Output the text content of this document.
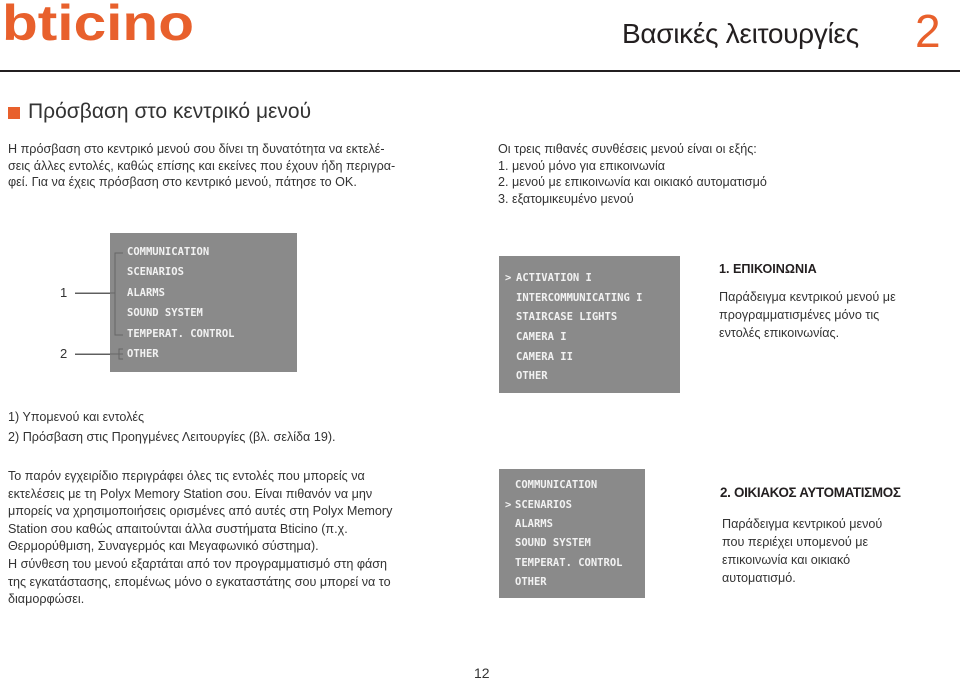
bticino	Βασικές λειτουργίες 2
Πρόσβαση στο κεντρικό μενού

Η πρόσβαση στο κεντρικό μενού σου δίνει τη δυνατότητα να εκτελέ-

σεις άλλες εντολές, καθώς επίσης και εκείνες που έχουν ήδη περιγρα-

φεί. Για να έχεις πρόσβαση στο κεντρικό μενού, πάτησε το ΟΚ.

Οι τρεις πιθανές συνθέσεις μενού είναι οι εξής:

1. μενού μόνο για επικοινωνία

2. μενού με επικοινωνία και οικιακό αυτοματισμό

3. εξατομικευμένο μενού

1
2
COMMUNICATION
SCENARIOS
ALARMS
SOUND SYSTEM
TEMPERAT. CONTROL
OTHER
> ACTIVATION I
INTERCOMMUNICATING I
STAIRCASE LIGHTS
CAMERA I
CAMERA II
OTHER
1. ΕΠΙΚΟΙΝΩΝΙΑ

Παράδειγμα κεντρικού μενού με

προγραμματισμένες μόνο τις

εντολές επικοινωνίας.

1) Υπομενού και εντολές

2) Πρόσβαση στις Προηγμένες Λειτουργίες (βλ. σελίδα 19).

Το παρόν εγχειρίδιο περιγράφει όλες τις εντολές που μπορείς να

εκτελέσεις με τη Polyx Memory Station σου. Είναι πιθανόν να μην

μπορείς να χρησιμοποιήσεις ορισμένες από αυτές στη Polyx Memory

Station σου καθώς απαιτούνται άλλα συστήματα Bticino (π.χ.

Θερμορύθμιση, Συναγερμός και Μεγαφωνικό σύστημα).

Η σύνθεση του μενού εξαρτάται από τον προγραμματισμό στη φάση

της εγκατάστασης, επομένως μόνο ο εγκαταστάτης σου μπορεί να το

διαμορφώσει.

COMMUNICATION
> SCENARIOS
ALARMS
SOUND SYSTEM
TEMPERAT. CONTROL
OTHER
2. ΟΙΚΙΑΚΟΣ ΑΥΤΟΜΑΤΙΣΜΟΣ

Παράδειγμα κεντρικού μενού

που περιέχει υπομενού με

επικοινωνία και οικιακό

αυτοματισμό.

12
